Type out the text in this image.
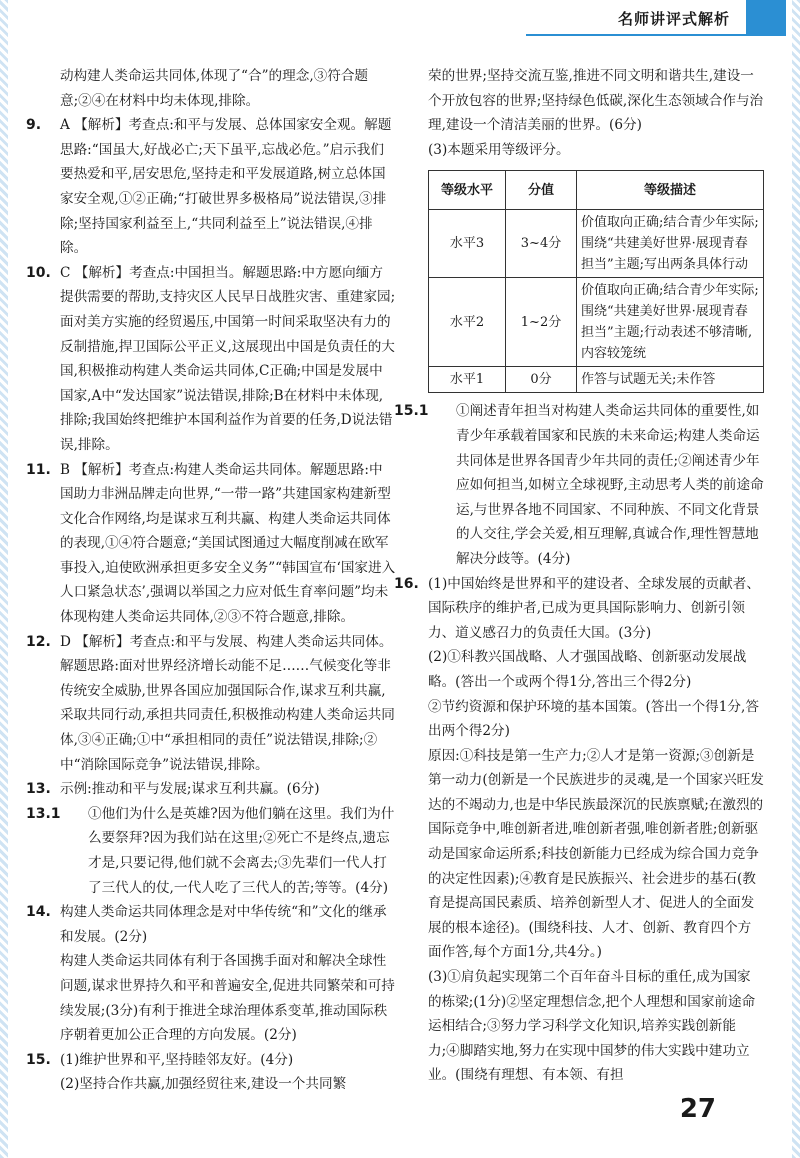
名师讲评式解析
动构建人类命运共同体,体现了“合”的理念,③符合题意;②④在材料中均未体现,排除。
9. A 【解析】考查点:和平与发展、总体国家安全观。解题思路:“国虽大,好战必亡;天下虽平,忘战必危。”启示我们要热爱和平,居安思危,坚持走和平发展道路,树立总体国家安全观,①②正确;“打破世界多极格局”说法错误,③排除;坚持国家利益至上,“共同利益至上”说法错误,④排除。
10. C 【解析】考查点:中国担当。解题思路:中方愿向缅方提供需要的帮助,支持灾区人民早日战胜灾害、重建家园;面对美方实施的经贸遏压,中国第一时间采取坚决有力的反制措施,捍卫国际公平正义,这展现出中国是负责任的大国,积极推动构建人类命运共同体,C正确;中国是发展中国家,A中“发达国家”说法错误,排除;B在材料中未体现,排除;我国始终把维护本国利益作为首要的任务,D说法错误,排除。
11. B 【解析】考查点:构建人类命运共同体。解题思路:中国助力非洲品牌走向世界,“一带一路”共建国家构建新型文化合作网络,均是谋求互利共赢、构建人类命运共同体的表现,①④符合题意;“美国试图通过大幅度削减在欧军事投入,迫使欧洲承担更多安全义务”“韩国宣布‘国家进入人口紧急状态’,强调以举国之力应对低生育率问题”均未体现构建人类命运共同体,②③不符合题意,排除。
12. D 【解析】考查点:和平与发展、构建人类命运共同体。解题思路:面对世界经济增长动能不足……气候变化等非传统安全威胁,世界各国应加强国际合作,谋求互利共赢,采取共同行动,承担共同责任,积极推动构建人类命运共同体,③④正确;①中“承担相同的责任”说法错误,排除;②中“消除国际竞争”说法错误,排除。
13. 示例:推动和平与发展;谋求互利共赢。(6分)
13.1 ①他们为什么是英雄?因为他们躺在这里。我们为什么要祭拜?因为我们站在这里;②死亡不是终点,遗忘才是,只要记得,他们就不会离去;③先辈们一代人打了三代人的仗,一代人吃了三代人的苦;等等。(4分)
14. 构建人类命运共同体理念是对中华传统“和”文化的继承和发展。(2分)
构建人类命运共同体有利于各国携手面对和解决全球性问题,谋求世界持久和平和普遍安全,促进共同繁荣和可持续发展;(3分)有利于推进全球治理体系变革,推动国际秩序朝着更加公正合理的方向发展。(2分)
15. (1)维护世界和平,坚持睦邻友好。(4分)
(2)坚持合作共赢,加强经贸往来,建设一个共同繁
荣的世界;坚持交流互鉴,推进不同文明和谐共生,建设一个开放包容的世界;坚持绿色低碳,深化生态领域合作与治理,建设一个清洁美丽的世界。(6分)
(3)本题采用等级评分。
等级水平	分值	等级描述
水平3	3~4分	价值取向正确;结合青少年实际;围绕“共建美好世界·展现青春担当”主题;写出两条具体行动
水平2	1~2分	价值取向正确;结合青少年实际;围绕“共建美好世界·展现青春担当”主题;行动表述不够清晰,内容较笼统
水平1	0分	作答与试题无关;未作答
15.1 ①阐述青年担当对构建人类命运共同体的重要性,如青少年承载着国家和民族的未来命运;构建人类命运共同体是世界各国青少年共同的责任;②阐述青少年应如何担当,如树立全球视野,主动思考人类的前途命运,与世界各地不同国家、不同种族、不同文化背景的人交往,学会关爱,相互理解,真诚合作,理性智慧地解决分歧等。(4分)
16. (1)中国始终是世界和平的建设者、全球发展的贡献者、国际秩序的维护者,已成为更具国际影响力、创新引领力、道义感召力的负责任大国。(3分)
(2)①科教兴国战略、人才强国战略、创新驱动发展战略。(答出一个或两个得1分,答出三个得2分)
②节约资源和保护环境的基本国策。(答出一个得1分,答出两个得2分)
原因:①科技是第一生产力;②人才是第一资源;③创新是第一动力(创新是一个民族进步的灵魂,是一个国家兴旺发达的不竭动力,也是中华民族最深沉的民族禀赋;在激烈的国际竞争中,唯创新者进,唯创新者强,唯创新者胜;创新驱动是国家命运所系;科技创新能力已经成为综合国力竞争的决定性因素);④教育是民族振兴、社会进步的基石(教育是提高国民素质、培养创新型人才、促进人的全面发展的根本途径)。(围绕科技、人才、创新、教育四个方面作答,每个方面1分,共4分。)
(3)①肩负起实现第二个百年奋斗目标的重任,成为国家的栋梁;(1分)②坚定理想信念,把个人理想和国家前途命运相结合;③努力学习科学文化知识,培养实践创新能力;④脚踏实地,努力在实现中国梦的伟大实践中建功立业。(围绕有理想、有本领、有担
27
